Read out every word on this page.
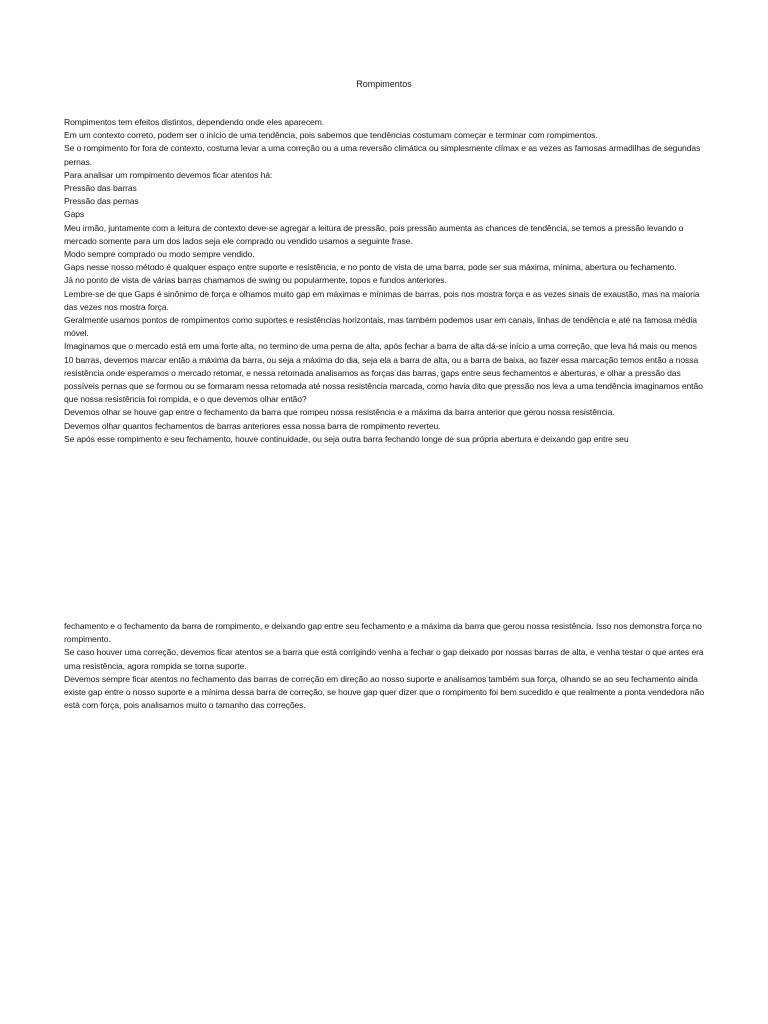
Rompimentos

Rompimentos tem efeitos distintos, dependendo onde eles aparecem.

Em um contexto correto, podem ser o início de uma tendência, pois sabemos que tendências costumam começar e terminar com rompimentos.

Se o rompimento for fora de contexto, costuma levar a uma correção ou a uma reversão climática ou simplesmente clímax e as vezes as famosas armadilhas de segundas pernas.

Para analisar um rompimento devemos ficar atentos há:

Pressão das barras

Pressão das pernas

Gaps

Meu irmão, juntamente com a leitura de contexto deve-se agregar a leitura de pressão, pois pressão aumenta as chances de tendência, se temos a pressão levando o mercado somente para um dos lados seja ele comprado ou vendido usamos a seguinte frase.

Modo sempre comprado ou modo sempre vendido.

Gaps nesse nosso método é qualquer espaço entre suporte e resistência, e no ponto de vista de uma barra, pode ser sua máxima, mínima, abertura ou fechamento.

Já no ponto de vista de várias barras chamamos de swing ou popularmente, topos e fundos anteriores.

Lembre-se de que Gaps é sinônimo de força e olhamos muito gap em máximas e mínimas de barras, pois nos mostra força e as vezes sinais de exaustão, mas na maioria das vezes nos mostra força.

Geralmente usamos pontos de rompimentos como suportes e resistências horizontais, mas também podemos usar em canais, linhas de tendência e até na famosa média móvel.

Imaginamos que o mercado está em uma forte alta, no termino de uma perna de alta, após fechar a barra de alta dá-se início a uma correção, que leva há mais ou menos 10 barras, devemos marcar então a máxima da barra, ou seja a máxima do dia, seja ela a barra de alta, ou a barra de baixa, ao fazer essa marcação temos então a nossa resistência onde esperamos o mercado retomar, e nessa retomada analisamos as forças das barras, gaps entre seus fechamentos e aberturas, e olhar a pressão das possíveis pernas que se formou ou se formaram nessa retomada até nossa resistência marcada, como havia dito que pressão nos leva a uma tendência imaginamos então que nossa resistência foi rompida, e o que devemos olhar então?

Devemos olhar se houve gap entre o fechamento da barra que rompeu nossa resistência e a máxima da barra anterior que gerou nossa resistência.

Devemos olhar quantos fechamentos de barras anteriores essa nossa barra de rompimento reverteu.

Se após esse rompimento e seu fechamento, houve continuidade, ou seja outra barra fechando longe de sua própria abertura e deixando gap entre seu

fechamento e o fechamento da barra de rompimento, e deixando gap entre seu fechamento e a máxima da barra que gerou nossa resistência. Isso nos demonstra força no rompimento.

Se caso houver uma correção, devemos ficar atentos se a barra que está corrigindo venha a fechar o gap deixado por nossas barras de alta, e venha testar o que antes era uma resistência, agora rompida se torna suporte.

Devemos sempre ficar atentos no fechamento das barras de correção em direção ao nosso suporte e analisamos também sua força, olhando se ao seu fechamento ainda existe gap entre o nosso suporte e a mínima dessa barra de correção, se houve gap quer dizer que o rompimento foi bem sucedido e que realmente a ponta vendedora não está com força, pois analisamos muito o tamanho das correções.
